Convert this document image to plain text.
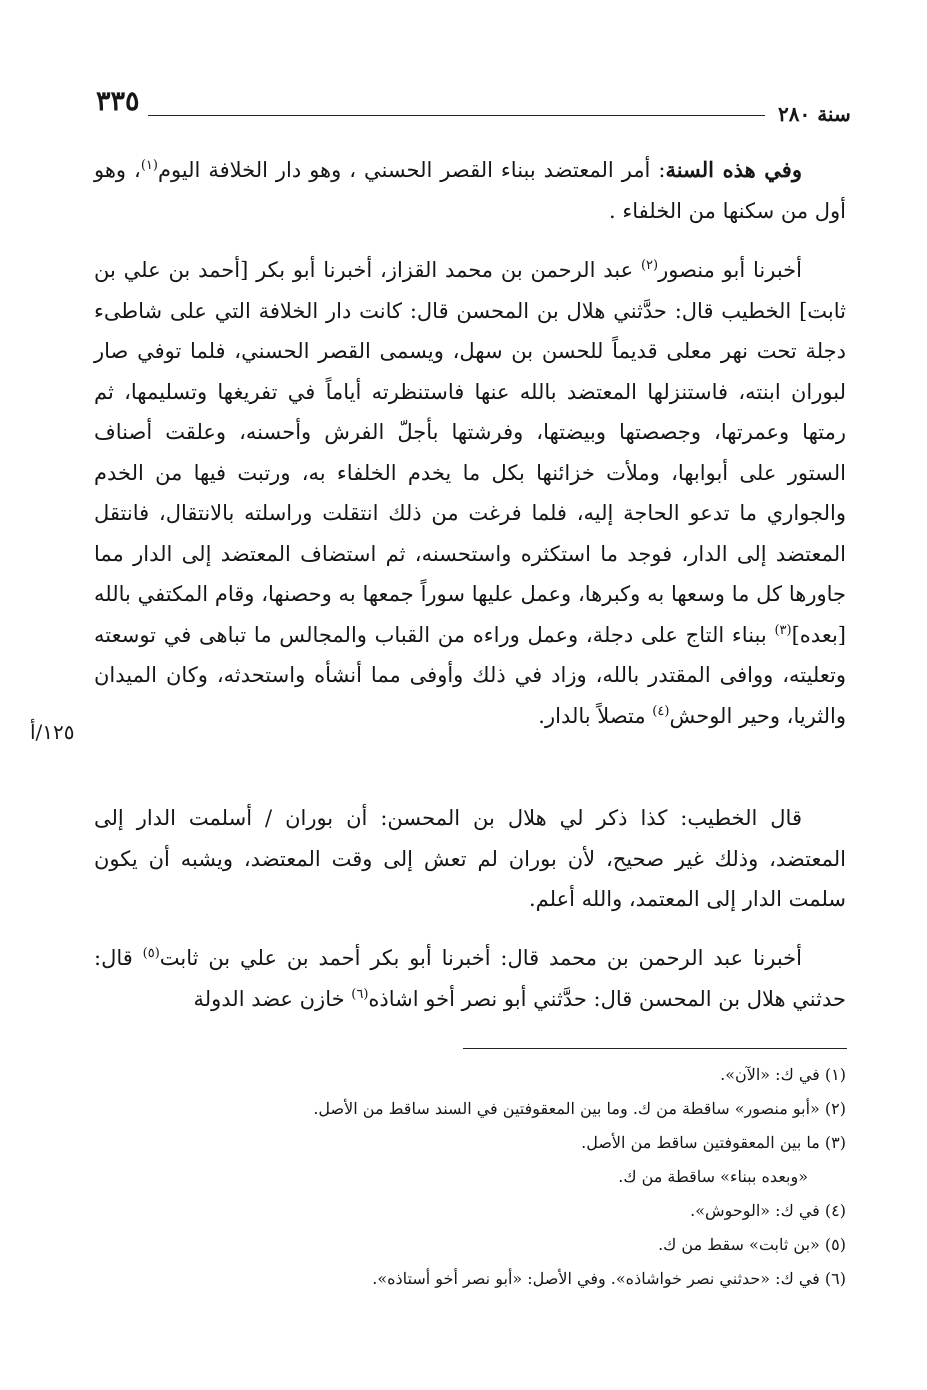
٣٣٥	سنة ٢٨٠
١٢٥/أ

وفي هذه السنة: أمر المعتضد ببناء القصر الحسني ، وهو دار الخلافة اليوم$^{(١)}$، وهو أول من سكنها من الخلفاء .

أخبرنا أبو منصور$^{(٢)}$ عبد الرحمن بن محمد القزاز، أخبرنا أبو بكر [أحمد بن علي بن ثابت] الخطيب قال: حدَّثني هلال بن المحسن قال: كانت دار الخلافة التي على شاطىء دجلة تحت نهر معلى قديماً للحسن بن سهل، ويسمى القصر الحسني، فلما توفي صار لبوران ابنته، فاستنزلها المعتضد بالله عنها فاستنظرته أياماً في تفريغها وتسليمها، ثم رمتها وعمرتها، وجصصتها وبيضتها، وفرشتها بأجلّ الفرش وأحسنه، وعلقت أصناف الستور على أبوابها، وملأت خزائنها بكل ما يخدم الخلفاء به، ورتبت فيها من الخدم والجواري ما تدعو الحاجة إليه، فلما فرغت من ذلك انتقلت وراسلته بالانتقال، فانتقل المعتضد إلى الدار، فوجد ما استكثره واستحسنه، ثم استضاف المعتضد إلى الدار مما جاورها كل ما وسعها به وكبرها، وعمل عليها سوراً جمعها به وحصنها، وقام المكتفي بالله [بعده]$^{(٣)}$ ببناء التاج على دجلة، وعمل وراءه من القباب والمجالس ما تباهى في توسعته وتعليته، ووافى المقتدر بالله، وزاد في ذلك وأوفى مما أنشأه واستحدثه، وكان الميدان والثريا، وحير الوحش$^{(٤)}$ متصلاً بالدار.

قال الخطيب: كذا ذكر لي هلال بن المحسن: أن بوران / أسلمت الدار إلى المعتضد، وذلك غير صحيح، لأن بوران لم تعش إلى وقت المعتضد، ويشبه أن يكون سلمت الدار إلى المعتمد، والله أعلم.

أخبرنا عبد الرحمن بن محمد قال: أخبرنا أبو بكر أحمد بن علي بن ثابت$^{(٥)}$ قال: حدثني هلال بن المحسن قال: حدَّثني أبو نصر أخو اشاذه$^{(٦)}$ خازن عضد الدولة

(١) في ك: «الآن».

(٢) «أبو منصور» ساقطة من ك. وما بين المعقوفتين في السند ساقط من الأصل.

(٣) ما بين المعقوفتين ساقط من الأصل.

«وبعده ببناء» ساقطة من ك.

(٤) في ك: «الوحوش».

(٥) «بن ثابت» سقط من ك.

(٦) في ك: «حدثني نصر خواشاذه». وفي الأصل: «أبو نصر أخو أستاذه».
